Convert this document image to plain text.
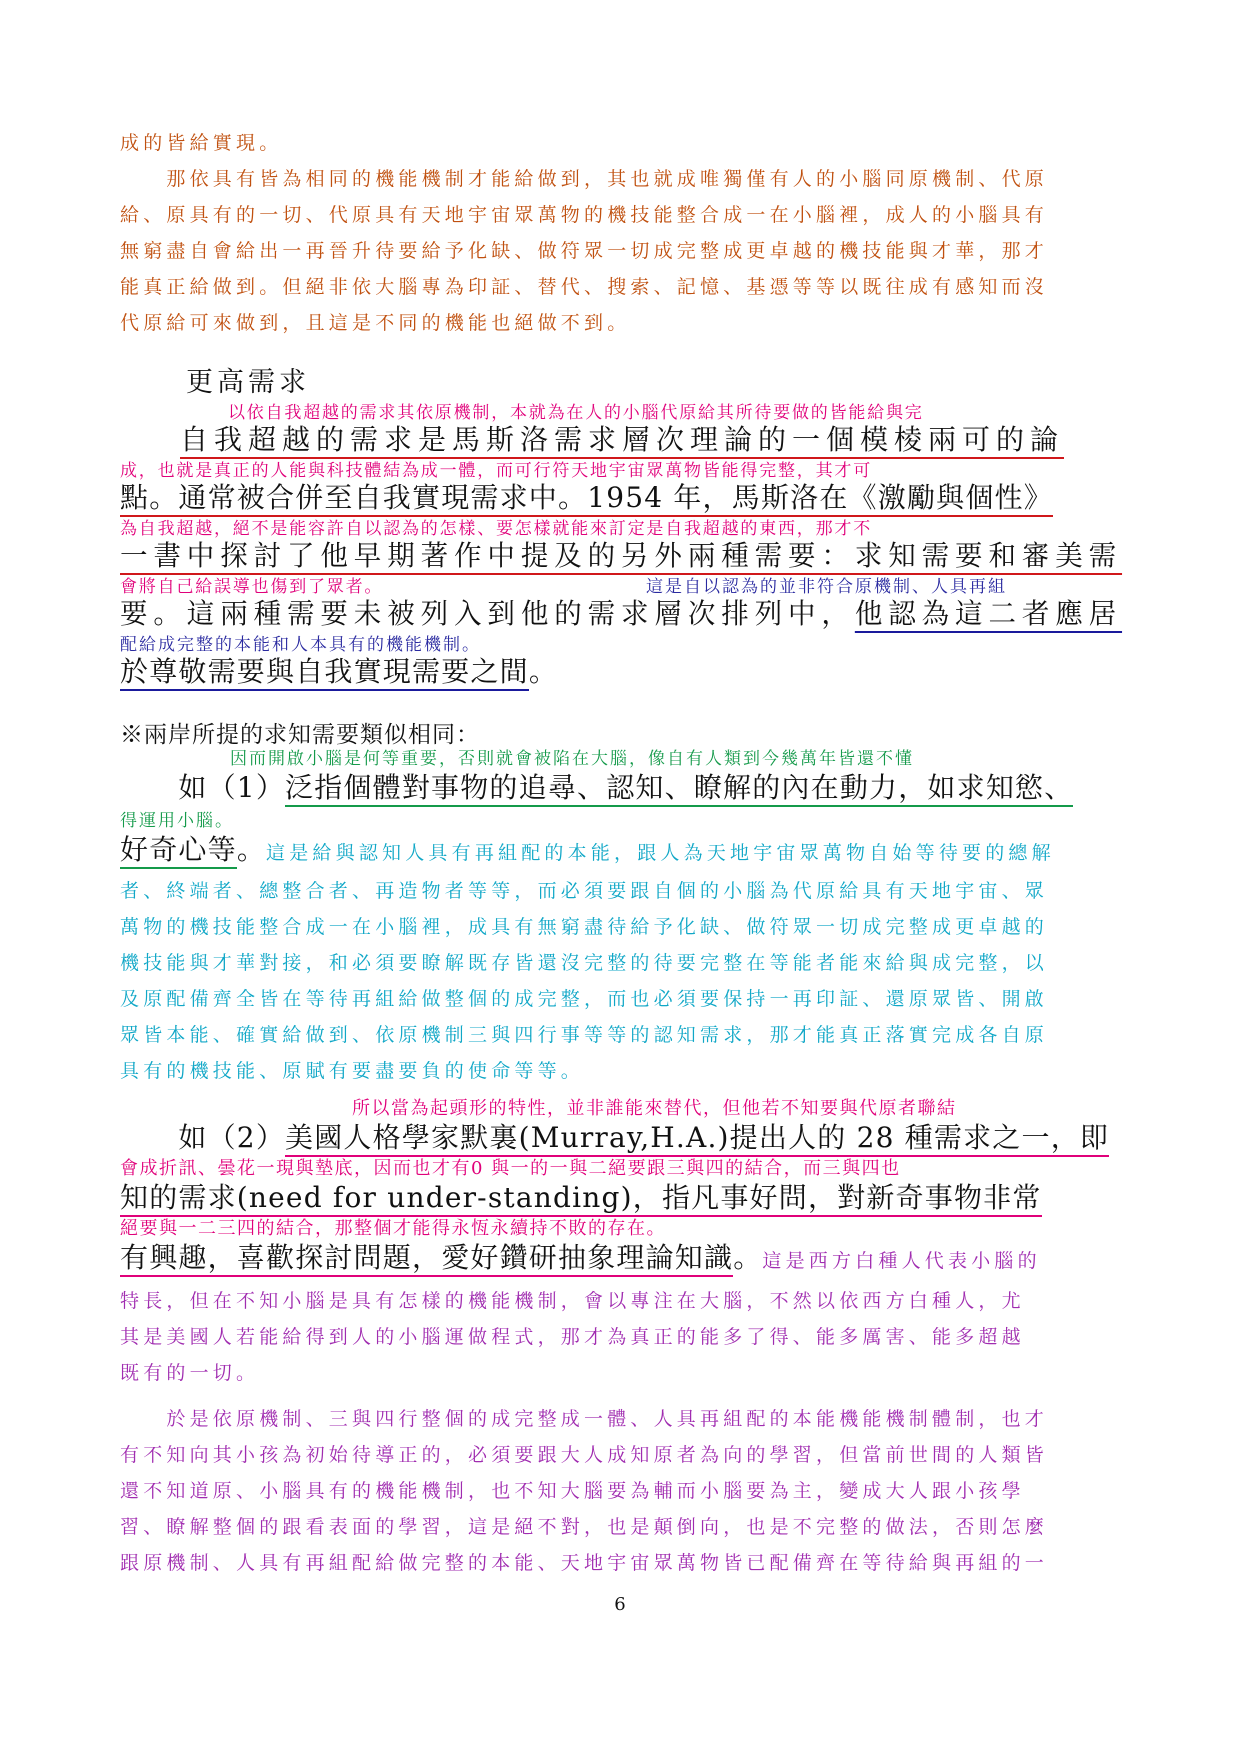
成的皆給實現。
　　那依具有皆為相同的機能機制才能給做到，其也就成唯獨僅有人的小腦同原機制、代原
給、原具有的一切、代原具有天地宇宙眾萬物的機技能整合成一在小腦裡，成人的小腦具有
無窮盡自會給出一再晉升待要給予化缺、做符眾一切成完整成更卓越的機技能與才華，那才
能真正給做到。但絕非依大腦專為印証、替代、搜索、記憶、基憑等等以既往成有感知而沒
代原給可來做到，且這是不同的機能也絕做不到。
更高需求
以依自我超越的需求其依原機制，本就為在人的小腦代原給其所待要做的皆能給與完
自我超越的需求是馬斯洛需求層次理論的一個模棱兩可的論
成，也就是真正的人能與科技體結為成一體，而可行符天地宇宙眾萬物皆能得完整，其才可
點。通常被合併至自我實現需求中。1954 年，馬斯洛在《激勵與個性》
為自我超越，絕不是能容許自以認為的怎樣、要怎樣就能來訂定是自我超越的東西，那才不
一書中探討了他早期著作中提及的另外兩種需要：求知需要和審美需
會將自己給誤導也傷到了眾者。	這是自以認為的並非符合原機制、人具再組
要。這兩種需要未被列入到他的需求層次排列中，他認為這二者應居
配給成完整的本能和人本具有的機能機制。
於尊敬需要與自我實現需要之間。
※兩岸所提的求知需要類似相同：
因而開啟小腦是何等重要，否則就會被陷在大腦，像自有人類到今幾萬年皆還不懂
　　如（1）泛指個體對事物的追尋、認知、瞭解的內在動力，如求知慾、
得運用小腦。
好奇心等。這是給與認知人具有再組配的本能，跟人為天地宇宙眾萬物自始等待要的總解
者、終端者、總整合者、再造物者等等，而必須要跟自個的小腦為代原給具有天地宇宙、眾
萬物的機技能整合成一在小腦裡，成具有無窮盡待給予化缺、做符眾一切成完整成更卓越的
機技能與才華對接，和必須要瞭解既存皆還沒完整的待要完整在等能者能來給與成完整，以
及原配備齊全皆在等待再組給做整個的成完整，而也必須要保持一再印証、還原眾皆、開啟
眾皆本能、確實給做到、依原機制三與四行事等等的認知需求，那才能真正落實完成各自原
具有的機技能、原賦有要盡要負的使命等等。
所以當為起頭形的特性，並非誰能來替代，但他若不知要與代原者聯結
　　如（2）美國人格學家默裏(Murray,H.A.)提出人的 28 種需求之一，即
會成折訊、曇花一現與墊底，因而也才有0 與一的一與二絕要跟三與四的結合，而三與四也
知的需求(need for under-standing)，指凡事好問，對新奇事物非常
絕要與一二三四的結合，那整個才能得永恆永續持不敗的存在。
有興趣，喜歡探討問題，愛好鑽研抽象理論知識。這是西方白種人代表小腦的
特長，但在不知小腦是具有怎樣的機能機制，會以專注在大腦，不然以依西方白種人，尤
其是美國人若能給得到人的小腦運做程式，那才為真正的能多了得、能多厲害、能多超越
既有的一切。
　　於是依原機制、三與四行整個的成完整成一體、人具再組配的本能機能機制體制，也才
有不知向其小孩為初始待導正的，必須要跟大人成知原者為向的學習，但當前世間的人類皆
還不知道原、小腦具有的機能機制，也不知大腦要為輔而小腦要為主，變成大人跟小孩學
習、瞭解整個的跟看表面的學習，這是絕不對，也是顛倒向，也是不完整的做法，否則怎麼
跟原機制、人具有再組配給做完整的本能、天地宇宙眾萬物皆已配備齊在等待給與再組的一
6
